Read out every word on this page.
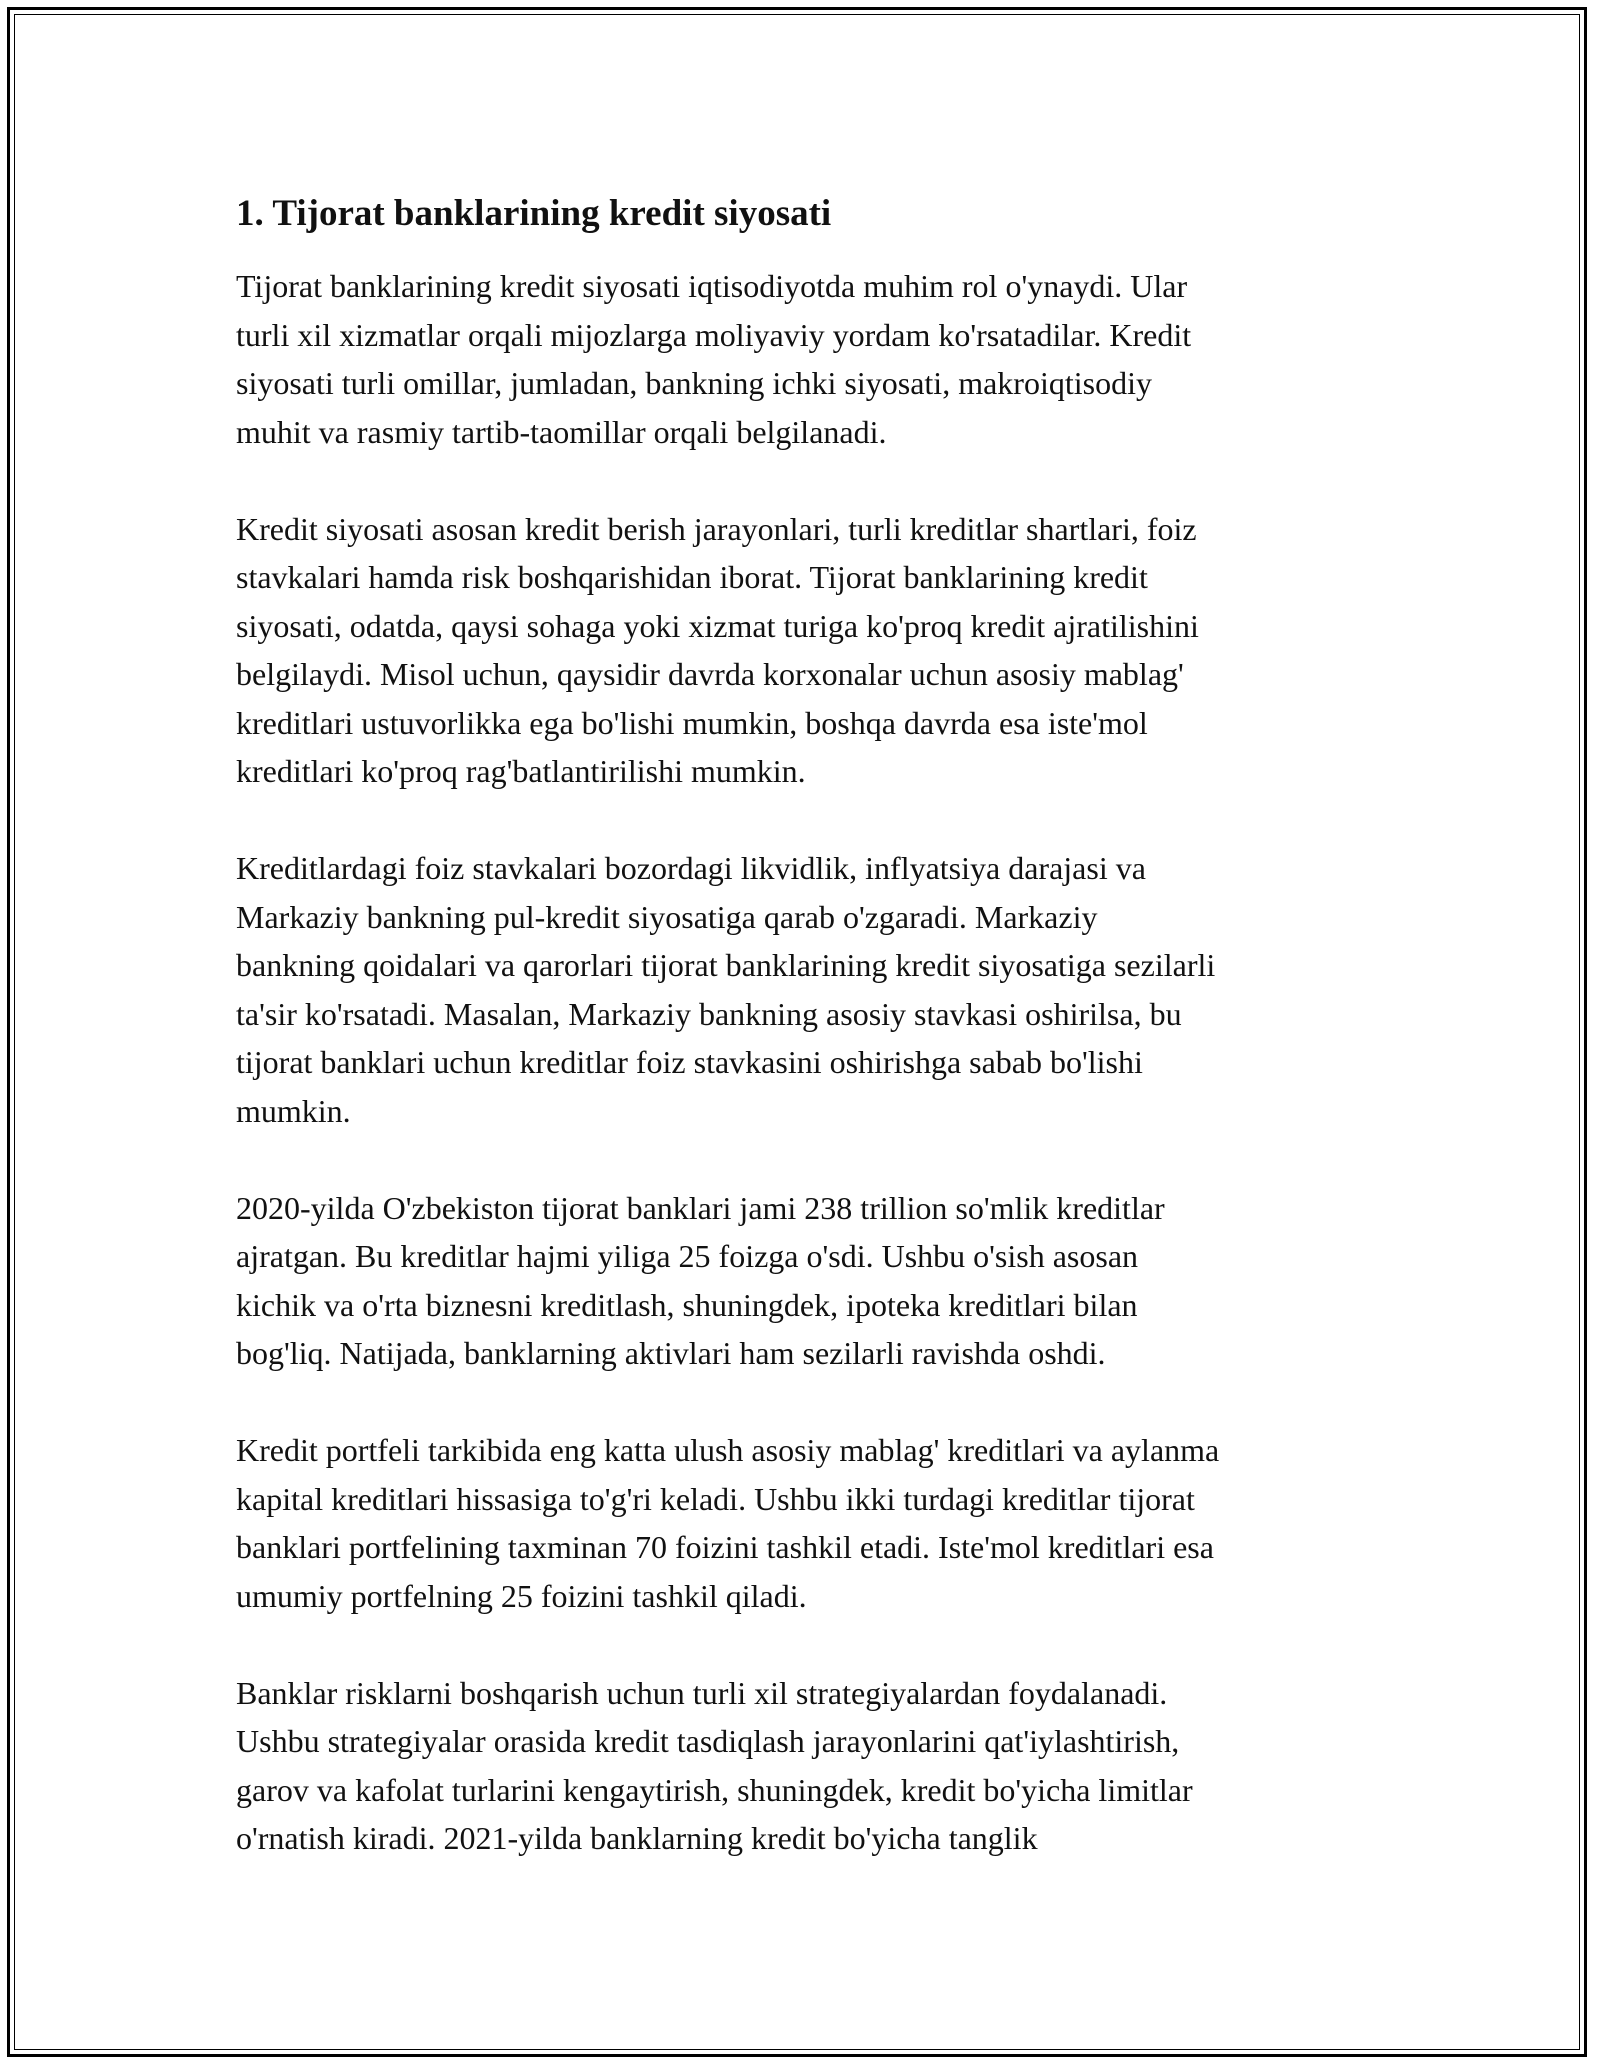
1. Tijorat banklarining kredit siyosati

Tijorat banklarining kredit siyosati iqtisodiyotda muhim rol o'ynaydi. Ular
turli xil xizmatlar orqali mijozlarga moliyaviy yordam ko'rsatadilar. Kredit
siyosati turli omillar, jumladan, bankning ichki siyosati, makroiqtisodiy
muhit va rasmiy tartib-taomillar orqali belgilanadi.

Kredit siyosati asosan kredit berish jarayonlari, turli kreditlar shartlari, foiz
stavkalari hamda risk boshqarishidan iborat. Tijorat banklarining kredit
siyosati, odatda, qaysi sohaga yoki xizmat turiga ko'proq kredit ajratilishini
belgilaydi. Misol uchun, qaysidir davrda korxonalar uchun asosiy mablag'
kreditlari ustuvorlikka ega bo'lishi mumkin, boshqa davrda esa iste'mol
kreditlari ko'proq rag'batlantirilishi mumkin.

Kreditlardagi foiz stavkalari bozordagi likvidlik, inflyatsiya darajasi va
Markaziy bankning pul-kredit siyosatiga qarab o'zgaradi. Markaziy
bankning qoidalari va qarorlari tijorat banklarining kredit siyosatiga sezilarli
ta'sir ko'rsatadi. Masalan, Markaziy bankning asosiy stavkasi oshirilsa, bu
tijorat banklari uchun kreditlar foiz stavkasini oshirishga sabab bo'lishi
mumkin.

2020-yilda O'zbekiston tijorat banklari jami 238 trillion so'mlik kreditlar
ajratgan. Bu kreditlar hajmi yiliga 25 foizga o'sdi. Ushbu o'sish asosan
kichik va o'rta biznesni kreditlash, shuningdek, ipoteka kreditlari bilan
bog'liq. Natijada, banklarning aktivlari ham sezilarli ravishda oshdi.

Kredit portfeli tarkibida eng katta ulush asosiy mablag' kreditlari va aylanma
kapital kreditlari hissasiga to'g'ri keladi. Ushbu ikki turdagi kreditlar tijorat
banklari portfelining taxminan 70 foizini tashkil etadi. Iste'mol kreditlari esa
umumiy portfelning 25 foizini tashkil qiladi.

Banklar risklarni boshqarish uchun turli xil strategiyalardan foydalanadi.
Ushbu strategiyalar orasida kredit tasdiqlash jarayonlarini qat'iylashtirish,
garov va kafolat turlarini kengaytirish, shuningdek, kredit bo'yicha limitlar
o'rnatish kiradi. 2021-yilda banklarning kredit bo'yicha tanglik
